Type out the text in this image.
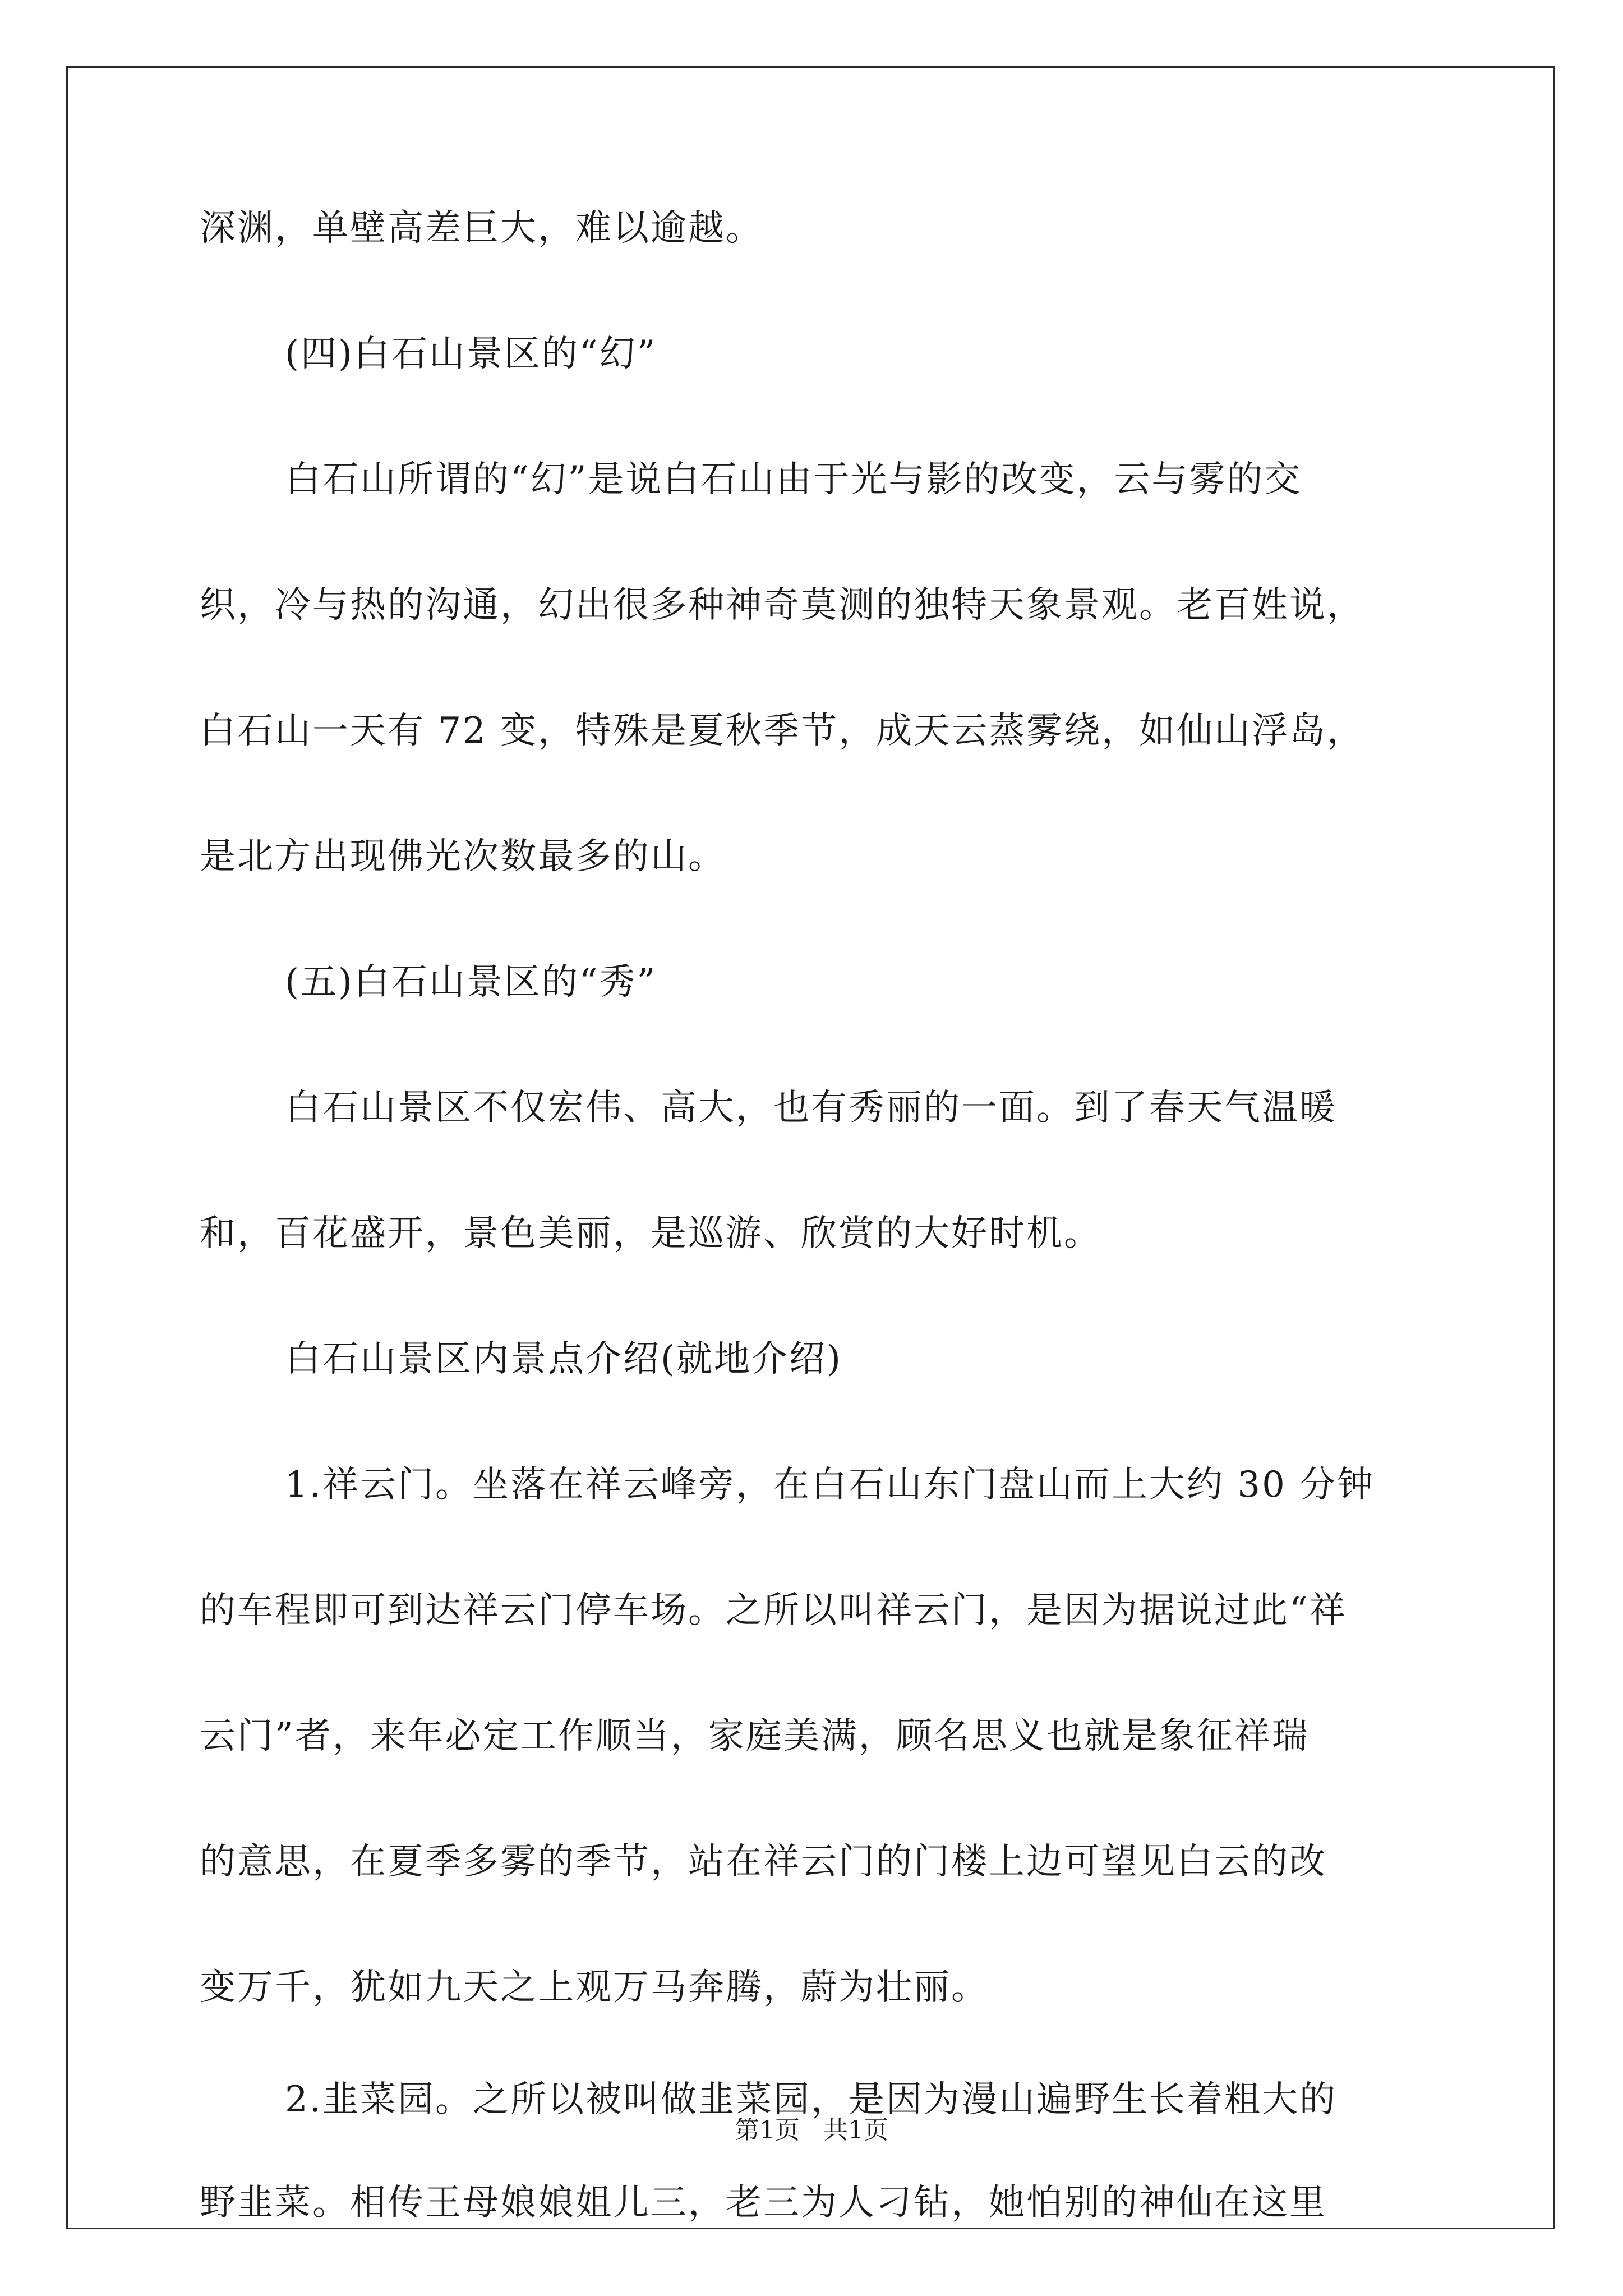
深渊，单壁高差巨大，难以逾越。
(四)白石山景区的“幻”
白石山所谓的“幻”是说白石山由于光与影的改变，云与雾的交
织，冷与热的沟通，幻出很多种神奇莫测的独特天象景观。老百姓说，
白石山一天有 72 变，特殊是夏秋季节，成天云蒸雾绕，如仙山浮岛，
是北方出现佛光次数最多的山。
(五)白石山景区的“秀”
白石山景区不仅宏伟、高大，也有秀丽的一面。到了春天气温暖
和，百花盛开，景色美丽，是巡游、欣赏的大好时机。
白石山景区内景点介绍(就地介绍)
1.祥云门。坐落在祥云峰旁，在白石山东门盘山而上大约 30 分钟
的车程即可到达祥云门停车场。之所以叫祥云门，是因为据说过此“祥
云门”者，来年必定工作顺当，家庭美满，顾名思义也就是象征祥瑞
的意思，在夏季多雾的季节，站在祥云门的门楼上边可望见白云的改
变万千，犹如九天之上观万马奔腾，蔚为壮丽。
2.韭菜园。之所以被叫做韭菜园，是因为漫山遍野生长着粗大的
野韭菜。相传王母娘娘姐儿三，老三为人刁钻，她怕别的神仙在这里
第1页   共1页
